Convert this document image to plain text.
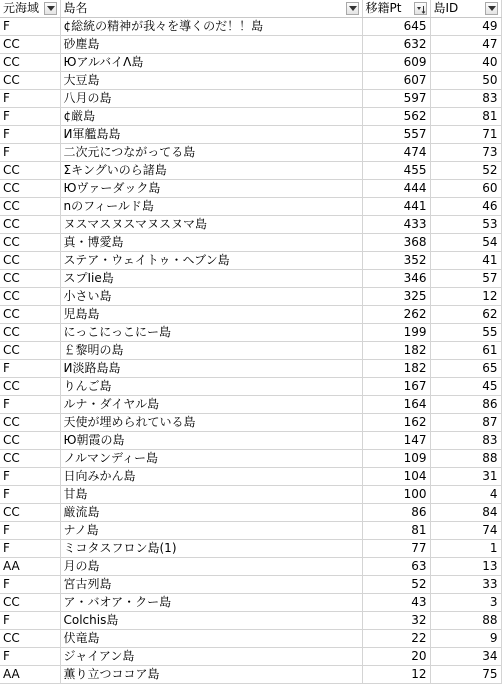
元海域	島名	移籍Pt	島ID

F	¢総統の精神が我々を導くのだ！！島	645	49
CC	砂塵島	632	47
CC	ЮアルバイΛ島	609	40
CC	大豆島	607	50
F	八月の島	597	83
F	¢厳島	562	81
F	И軍艦島島	557	71
F	二次元につながってる島	474	73
CC	Σキングいのら諸島	455	52
CC	Юヴァーダック島	444	60
CC	nのフィールド島	441	46
CC	ヌスマスヌスマヌスヌマ島	433	53
CC	真・博愛島	368	54
CC	ステア・ウェイトゥ・ヘブン島	352	41
CC	スプIie島	346	57
CC	小さい島	325	12
CC	児島島	262	62
CC	にっこにっこにー島	199	55
CC	￡黎明の島	182	61
F	И淡路島島	182	65
CC	りんご島	167	45
F	ルナ・ダイヤル島	164	86
CC	天使が埋められている島	162	87
CC	Ю朝霞の島	147	83
CC	ノルマンディー島	109	88
F	日向みかん島	104	31
F	甘島	100	4
CC	厳流島	86	84
F	ナノ島	81	74
F	ミコタスフロン島(1)	77	1
AA	月の島	63	13
F	宮古列島	52	33
CC	ア・バオア・クー島	43	3
F	Colchis島	32	88
CC	伏竜島	22	9
F	ジャイアン島	20	34
AA	薫り立つココア島	12	75
